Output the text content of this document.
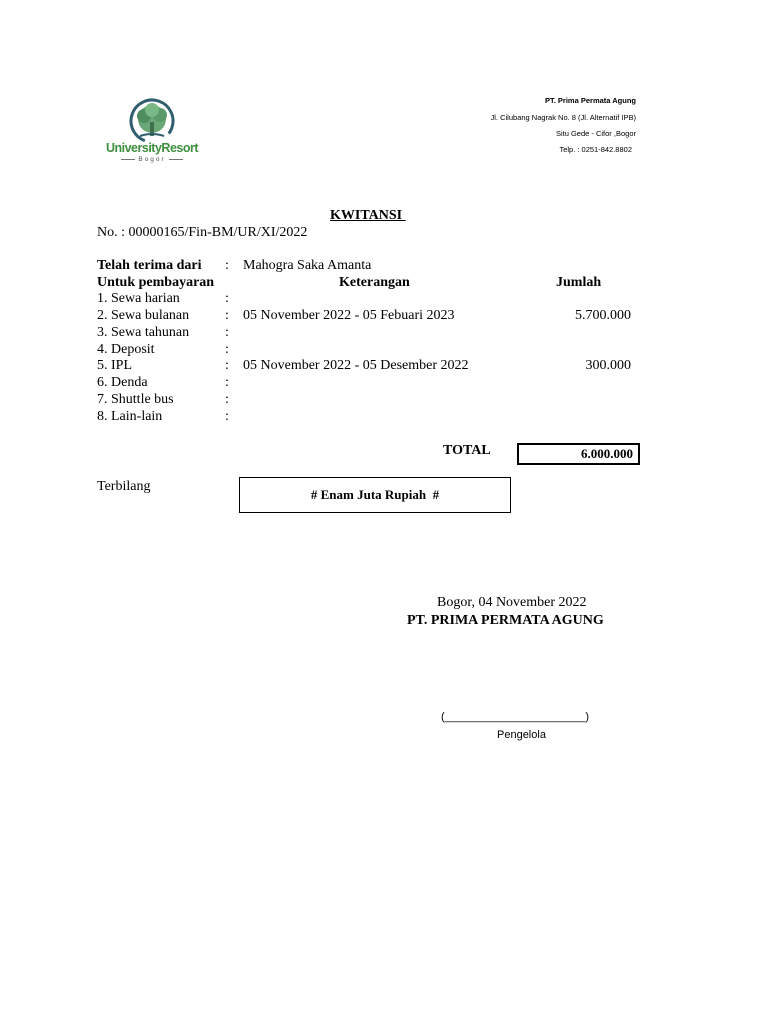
UniversityResort
Bogor
PT. Prima Permata Agung
Jl. Cilubang Nagrak No. 8 (Jl. Alternatif IPB)
Situ Gede - Cifor ,Bogor
Telp. : 0251-842.8802
KWITANSI
No. : 00000165/Fin-BM/UR/XI/2022
Telah terima dari : Mahogra Saka Amanta
Untuk pembayaran	Keterangan	Jumlah
1. Sewa harian	:
2. Sewa bulanan	: 05 November 2022 - 05 Febuari 2023	5.700.000
3. Sewa tahunan	:
4. Deposit	:
5. IPL	: 05 November 2022 - 05 Desember 2022	300.000
6. Denda	:
7. Shuttle bus	:
8. Lain-lain	:
TOTAL	6.000.000
Terbilang
# Enam Juta Rupiah  #
Bogor, 04 November 2022
PT. PRIMA PERMATA AGUNG
(_______________________)
Pengelola
